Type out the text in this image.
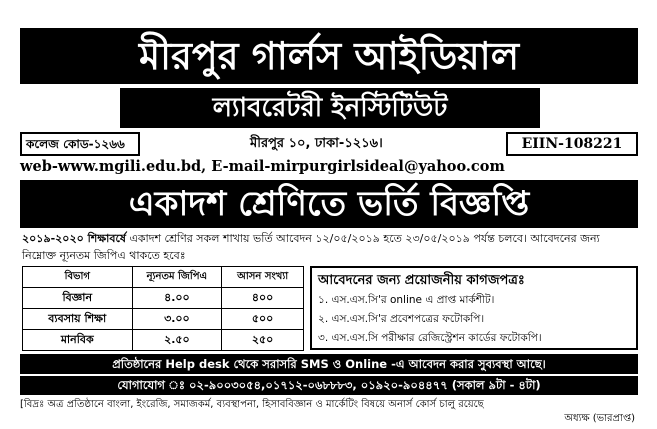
মীরপুর গার্লস আইডিয়াল
ল্যাবরেটরী ইনস্টিটিউট
কলেজ কোড-১২৬৬	মীরপুর ১০, ঢাকা-১২১৬।	EIIN-108221
web-www.mgili.edu.bd, E-mail-mirpurgirlsideal@yahoo.com
একাদশ শ্রেণিতে ভর্তি বিজ্ঞপ্তি
২০১৯-২০২০ শিক্ষাবর্ষে একাদশ শ্রেণির সকল শাখায় ভর্তি আবেদন ১২/০৫/২০১৯ হতে ২৩/০৫/২০১৯ পর্যন্ত চলবে। আবেদনের জন্য নিম্নোক্ত ন্যূনতম জিপিএ থাকতে হবেঃ
বিভাগ	ন্যূনতম জিপিএ	আসন সংখ্যা
বিজ্ঞান	৪.০০	৪০০
ব্যবসায় শিক্ষা	৩.০০	৫০০
মানবিক	২.৫০	২৫০
আবেদনের জন্য প্রয়োজনীয় কাগজপত্রঃ
১. এস.এস.সি'র online এ প্রাপ্ত মার্কশীট।
২. এস.এস.সি'র প্রবেশপত্রের ফটোকপি।
৩. এস.এস.সি পরীক্ষার রেজিস্ট্রেশন কার্ডের ফটোকপি।
প্রতিষ্ঠানের Help desk থেকে সরাসরি SMS ও Online -এ আবেদন করার সুব্যবস্থা আছে।
যোগাযোগ ঃ ০২-৯০০৩০৫৪,০১৭১২-০৬৮৮৮৩, ০১৯২০-৯০৪৪৭৭ (সকাল ৯টা - ৪টা)
[বিদ্রঃ অত্র প্রতিষ্ঠানে বাংলা, ইংরেজি, সমাজকর্ম, ব্যবস্থাপনা, হিসাববিজ্ঞান ও মার্কেটিং বিষয়ে অনার্স কোর্স চালু রয়েছে
অধ্যক্ষ (ভারপ্রাপ্ত)
